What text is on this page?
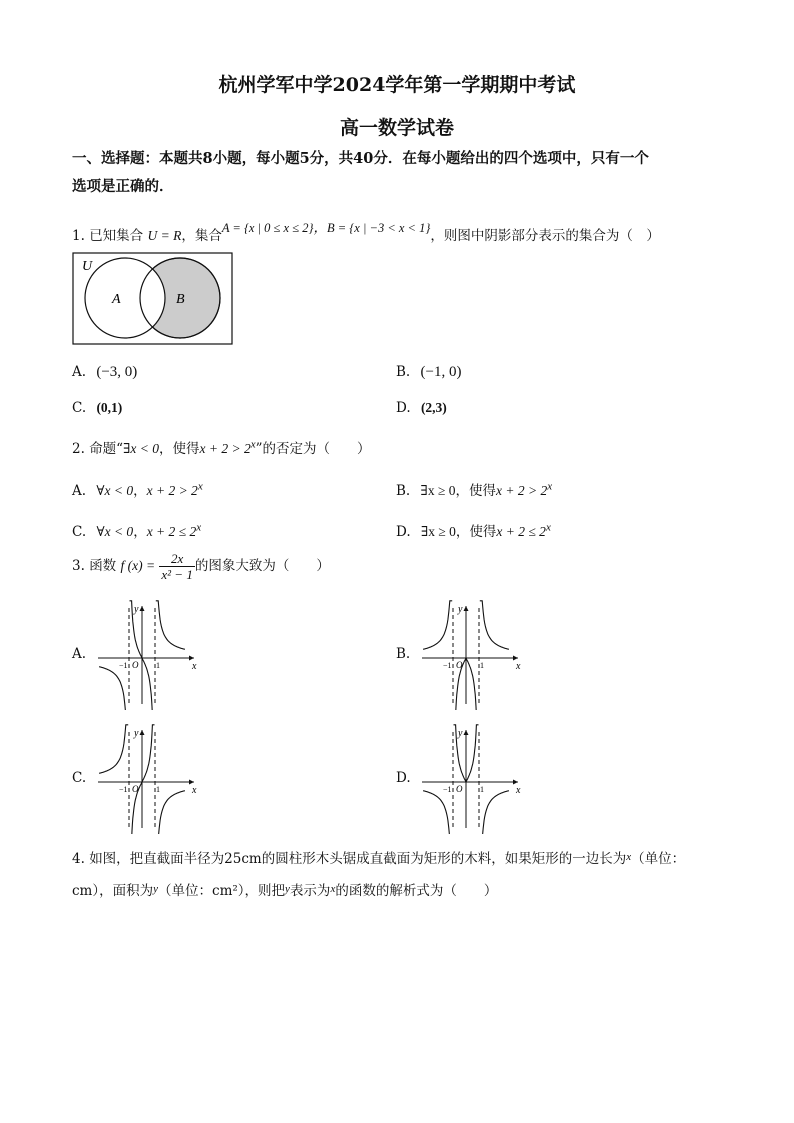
杭州学军中学2024学年第一学期期中考试
高一数学试卷
一、选择题：本题共8小题，每小题5分，共40分．在每小题给出的四个选项中，只有一个
选项是正确的．
1. 已知集合 U = R，集合A = {x | 0 ≤ x ≤ 2}，B = {x | −3 < x < 1}，则图中阴影部分表示的集合为（　）
U
A	B
A. (−3, 0)	B. (−1, 0)
C. (0,1)	D. (2,3)
2. 命题“∃x < 0，使得$x + 2 > 2^x$”的否定为（　　）
A. ∀x < 0，$x + 2 > 2^x$	B. ∃x ≥ 0，使得$x + 2 > 2^x$
C. ∀x < 0，$x + 2 \le 2^x$	D. ∃x ≥ 0，使得$x + 2 \le 2^x$
3. 函数 f $(x) = \frac{2x}{\text{x² − 1}}$ 的图象大致为（　　）
A.	B.
C.	D.
x
y
O
−1	1	x
y
O
−1	1
x
y
O
−1	1	x
y
O
−1	1
4. 如图，把直截面半径为25cm的圆柱形木头锯成直截面为矩形的木料，如果矩形的一边长为$^x$（单位：
cm），面积为$^y$（单位：cm²），则把$^y$表示为$^x$的函数的解析式为（　　）
